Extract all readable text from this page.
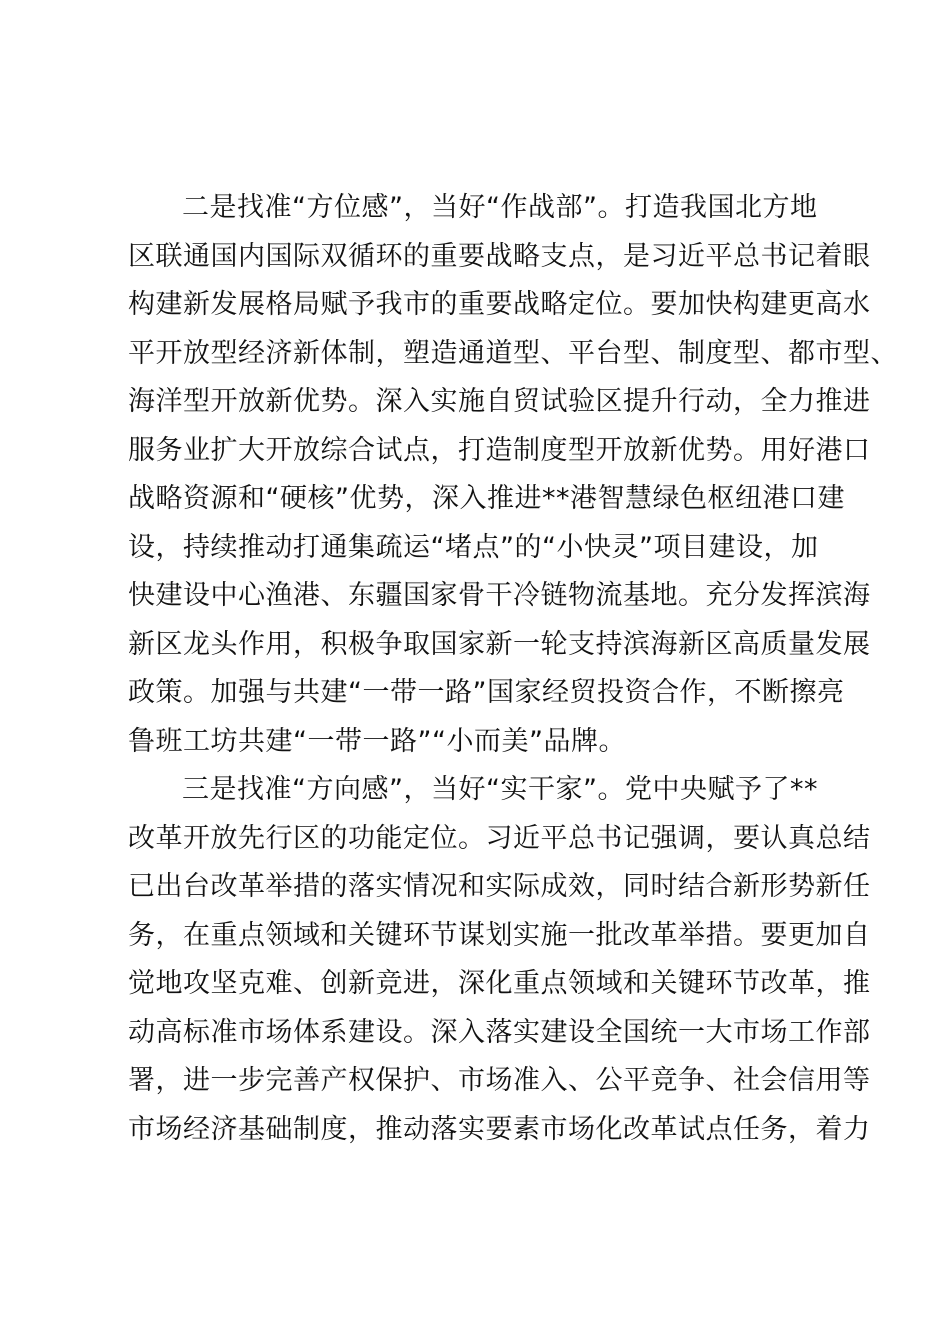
二是找准“方位感”，当好“作战部”。打造我国北方地
区联通国内国际双循环的重要战略支点，是习近平总书记着眼
构建新发展格局赋予我市的重要战略定位。要加快构建更高水
平开放型经济新体制，塑造通道型、平台型、制度型、都市型、
海洋型开放新优势。深入实施自贸试验区提升行动，全力推进
服务业扩大开放综合试点，打造制度型开放新优势。用好港口
战略资源和“硬核”优势，深入推进**港智慧绿色枢纽港口建
设，持续推动打通集疏运“堵点”的“小快灵”项目建设，加
快建设中心渔港、东疆国家骨干冷链物流基地。充分发挥滨海
新区龙头作用，积极争取国家新一轮支持滨海新区高质量发展
政策。加强与共建“一带一路”国家经贸投资合作，不断擦亮
鲁班工坊共建“一带一路”“小而美”品牌。
三是找准“方向感”，当好“实干家”。党中央赋予了**
改革开放先行区的功能定位。习近平总书记强调，要认真总结
已出台改革举措的落实情况和实际成效，同时结合新形势新任
务，在重点领域和关键环节谋划实施一批改革举措。要更加自
觉地攻坚克难、创新竞进，深化重点领域和关键环节改革，推
动高标准市场体系建设。深入落实建设全国统一大市场工作部
署，进一步完善产权保护、市场准入、公平竞争、社会信用等
市场经济基础制度，推动落实要素市场化改革试点任务，着力
